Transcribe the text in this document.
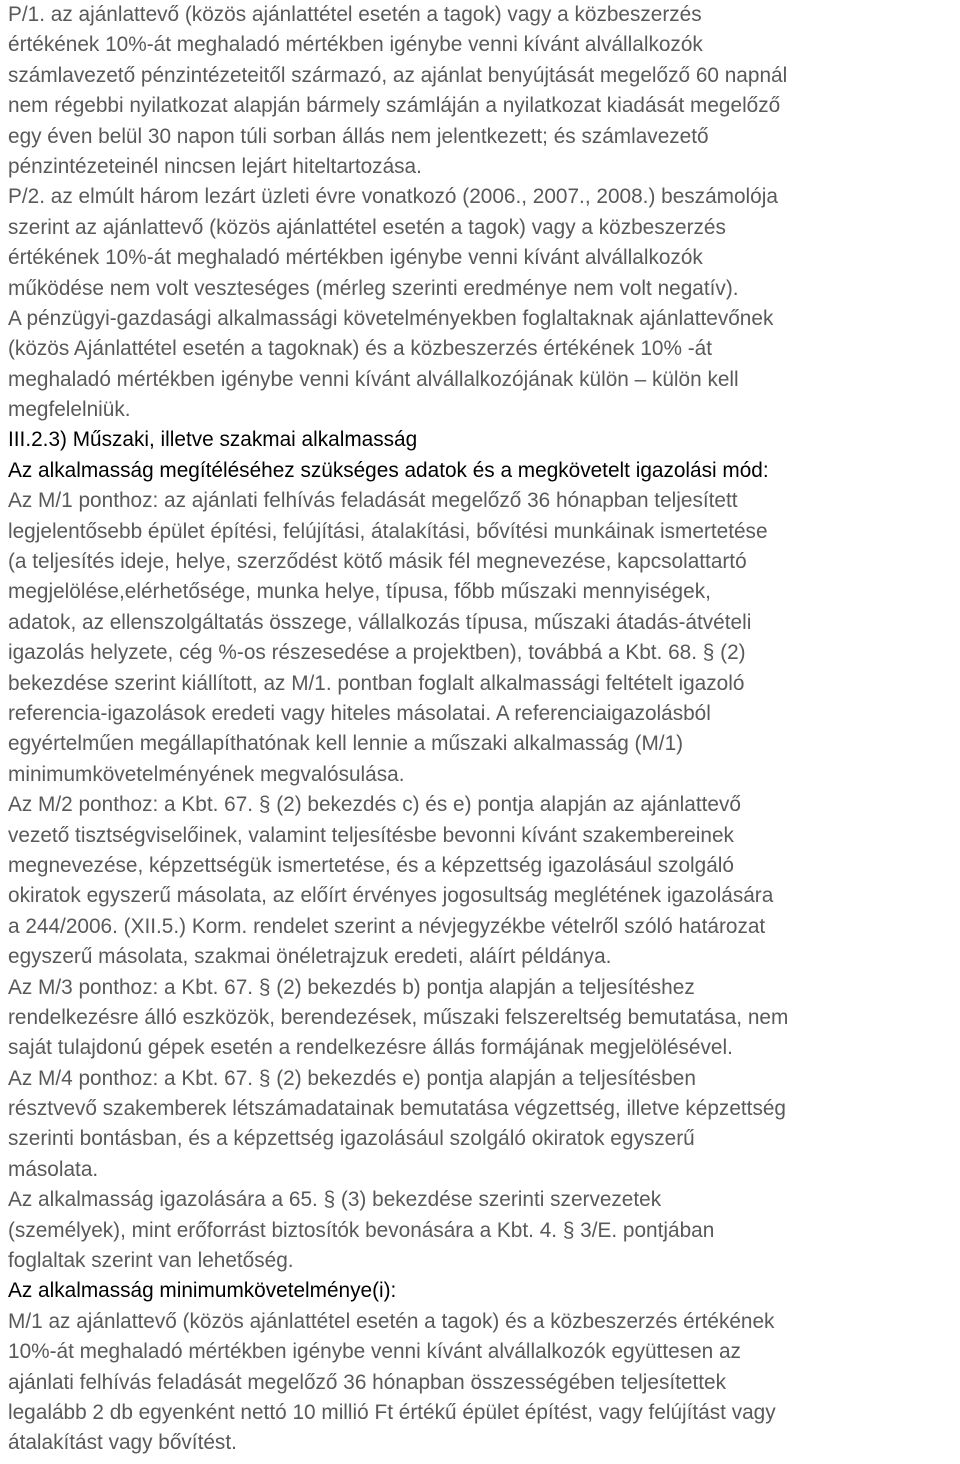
P/1. az ajánlattevő (közös ajánlattétel esetén a tagok) vagy a közbeszerzés
értékének 10%-át meghaladó mértékben igénybe venni kívánt alvállalkozók
számlavezető pénzintézeteitől származó, az ajánlat benyújtását megelőző 60 napnál
nem régebbi nyilatkozat alapján bármely számláján a nyilatkozat kiadását megelőző
egy éven belül 30 napon túli sorban állás nem jelentkezett; és számlavezető
pénzintézeteinél nincsen lejárt hiteltartozása.
P/2. az elmúlt három lezárt üzleti évre vonatkozó (2006., 2007., 2008.) beszámolója
szerint az ajánlattevő (közös ajánlattétel esetén a tagok) vagy a közbeszerzés
értékének 10%-át meghaladó mértékben igénybe venni kívánt alvállalkozók
működése nem volt veszteséges (mérleg szerinti eredménye nem volt negatív).
A pénzügyi-gazdasági alkalmassági követelményekben foglaltaknak ajánlattevőnek
(közös Ajánlattétel esetén a tagoknak) és a közbeszerzés értékének 10% -át
meghaladó mértékben igénybe venni kívánt alvállalkozójának külön – külön kell
megfelelniük.
III.2.3) Műszaki, illetve szakmai alkalmasság
Az alkalmasság megítéléséhez szükséges adatok és a megkövetelt igazolási mód:
Az M/1 ponthoz: az ajánlati felhívás feladását megelőző 36 hónapban teljesített
legjelentősebb épület építési, felújítási, átalakítási, bővítési munkáinak ismertetése
(a teljesítés ideje, helye, szerződést kötő másik fél megnevezése, kapcsolattartó
megjelölése,elérhetősége, munka helye, típusa, főbb műszaki mennyiségek,
adatok, az ellenszolgáltatás összege, vállalkozás típusa, műszaki átadás-átvételi
igazolás helyzete, cég %-os részesedése a projektben), továbbá a Kbt. 68. § (2)
bekezdése szerint kiállított, az M/1. pontban foglalt alkalmassági feltételt igazoló
referencia-igazolások eredeti vagy hiteles másolatai. A referenciaigazolásból
egyértelműen megállapíthatónak kell lennie a műszaki alkalmasság (M/1)
minimumkövetelményének megvalósulása.
Az M/2 ponthoz: a Kbt. 67. § (2) bekezdés c) és e) pontja alapján az ajánlattevő
vezető tisztségviselőinek, valamint teljesítésbe bevonni kívánt szakembereinek
megnevezése, képzettségük ismertetése, és a képzettség igazolásául szolgáló
okiratok egyszerű másolata, az előírt érvényes jogosultság meglétének igazolására
a 244/2006. (XII.5.) Korm. rendelet szerint a névjegyzékbe vételről szóló határozat
egyszerű másolata, szakmai önéletrajzuk eredeti, aláírt példánya.
Az M/3 ponthoz: a Kbt. 67. § (2) bekezdés b) pontja alapján a teljesítéshez
rendelkezésre álló eszközök, berendezések, műszaki felszereltség bemutatása, nem
saját tulajdonú gépek esetén a rendelkezésre állás formájának megjelölésével.
Az M/4 ponthoz: a Kbt. 67. § (2) bekezdés e) pontja alapján a teljesítésben
résztvevő szakemberek létszámadatainak bemutatása végzettség, illetve képzettség
szerinti bontásban, és a képzettség igazolásául szolgáló okiratok egyszerű
másolata.
Az alkalmasság igazolására a 65. § (3) bekezdése szerinti szervezetek
(személyek), mint erőforrást biztosítók bevonására a Kbt. 4. § 3/E. pontjában
foglaltak szerint van lehetőség.
Az alkalmasság minimumkövetelménye(i):
M/1 az ajánlattevő (közös ajánlattétel esetén a tagok) és a közbeszerzés értékének
10%-át meghaladó mértékben igénybe venni kívánt alvállalkozók együttesen az
ajánlati felhívás feladását megelőző 36 hónapban összességében teljesítettek
legalább 2 db egyenként nettó 10 millió Ft értékű épület építést, vagy felújítást vagy
átalakítást vagy bővítést.
